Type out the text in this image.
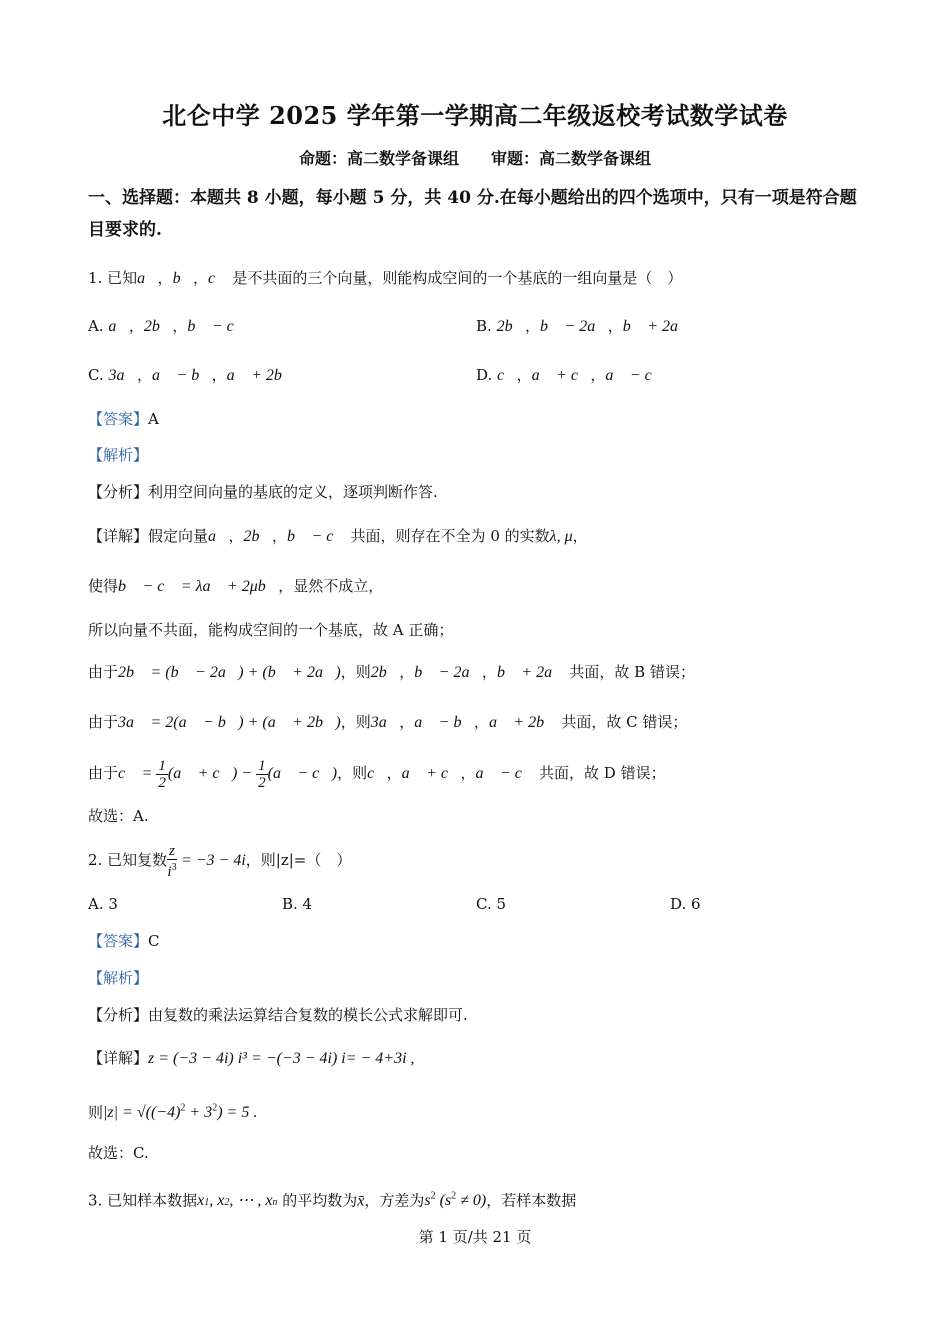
北仑中学 2025 学年第一学期高二年级返校考试数学试卷
命题：高二数学备课组　　审题：高二数学备课组
一、选择题：本题共 8 小题，每小题 5 分，共 40 分.在每小题给出的四个选项中，只有一项是符合题目要求的.
1. 已知a⃗，b⃗，c⃗ 是不共面的三个向量，则能构成空间的一个基底的一组向量是（　）
A. a⃗，2b⃗，b⃗ − c⃗	B. 2b⃗，b⃗ − 2a⃗，b⃗ + 2a⃗
C. 3a⃗，a⃗ − b⃗，a⃗ + 2b⃗	D. c⃗，a⃗ + c⃗，a⃗ − c⃗
【答案】A
【解析】
【分析】利用空间向量的基底的定义，逐项判断作答.
【详解】假定向量a⃗，2b⃗，b⃗ − c⃗ 共面，则存在不全为 0 的实数λ, μ，
使得b⃗ − c⃗ = λa⃗ + 2μb⃗，显然不成立，
所以向量不共面，能构成空间的一个基底，故 A 正确；
由于2b⃗ = (b⃗ − 2a⃗) + (b⃗ + 2a⃗)，则2b⃗，b⃗ − 2a⃗，b⃗ + 2a⃗ 共面，故 B 错误；
由于3a⃗ = 2(a⃗ − b⃗) + (a⃗ + 2b⃗)，则3a⃗，a⃗ − b⃗，a⃗ + 2b⃗ 共面，故 C 错误；
由于c⃗ = $\frac{1}{2}$ (a⃗ + c⃗) − $\frac{1}{2}$ (a⃗ − c⃗)，则c⃗，a⃗ + c⃗，a⃗ − c⃗ 共面，故 D 错误；
故选：A.
2. 已知复数 $\frac{z}{i^3} = -3 - 4i$，则|z|=（　）
A. 3	B. 4	C. 5	D. 6
【答案】C
【解析】
【分析】由复数的乘法运算结合复数的模长公式求解即可.
【详解】z = (−3 − 4i) i³ = −(−3 − 4i) i= − 4+3i ,
则$|z| = √((-4)^2 + 3^2) = 5$ .
故选：C.
3. 已知样本数据x1, x2, ⋯ , xn 的平均数为x̄，方差为$s^2$ $(s^2 \ne 0)$，若样本数据
第 1 页/共 21 页
